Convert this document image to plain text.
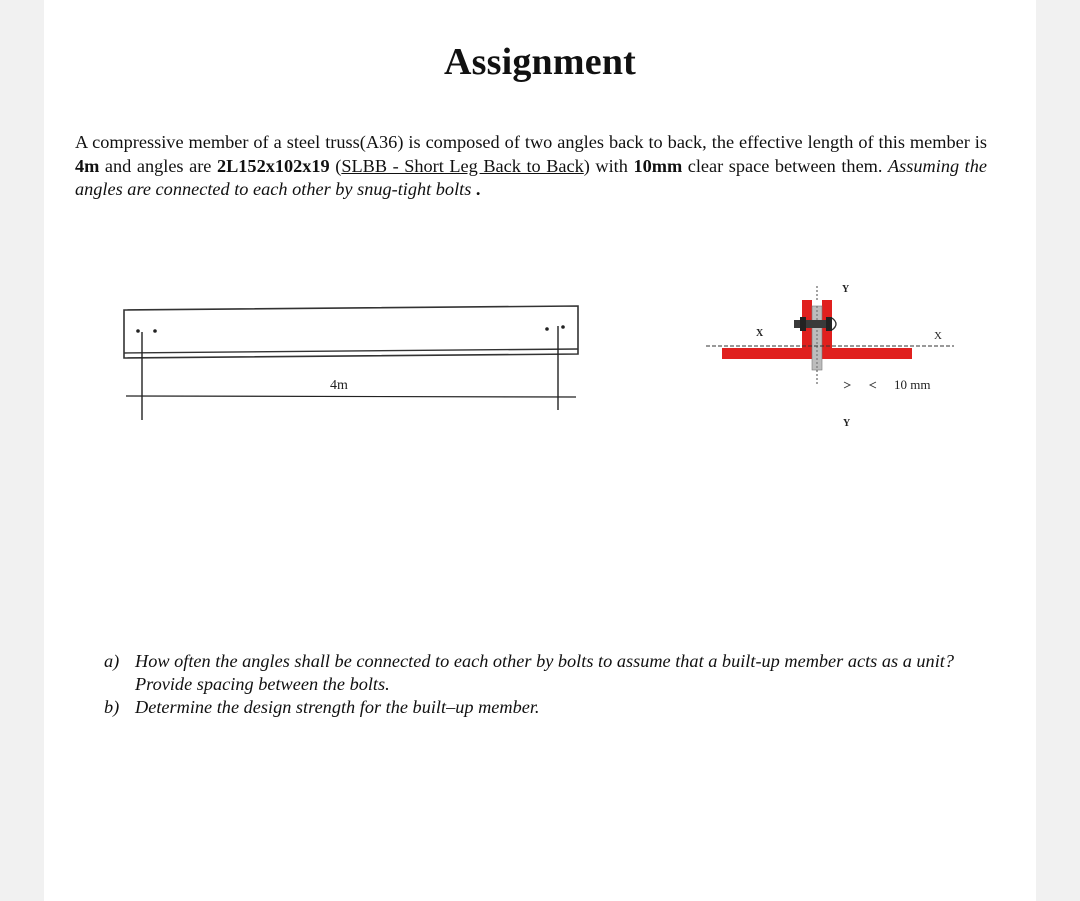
Assignment
A compressive member of a steel truss(A36) is composed of two angles back to back, the effective length of this member is 4m and angles are 2L152x102x19 (SLBB - Short Leg Back to Back) with 10mm clear space between them. Assuming the angles are connected to each other by snug-tight bolts .
4m
Y
Y
X	X
10 mm
a) How often the angles shall be connected to each other by bolts to assume that a built-up member acts as a unit? Provide spacing between the bolts.
b) Determine the design strength for the built–up member.
